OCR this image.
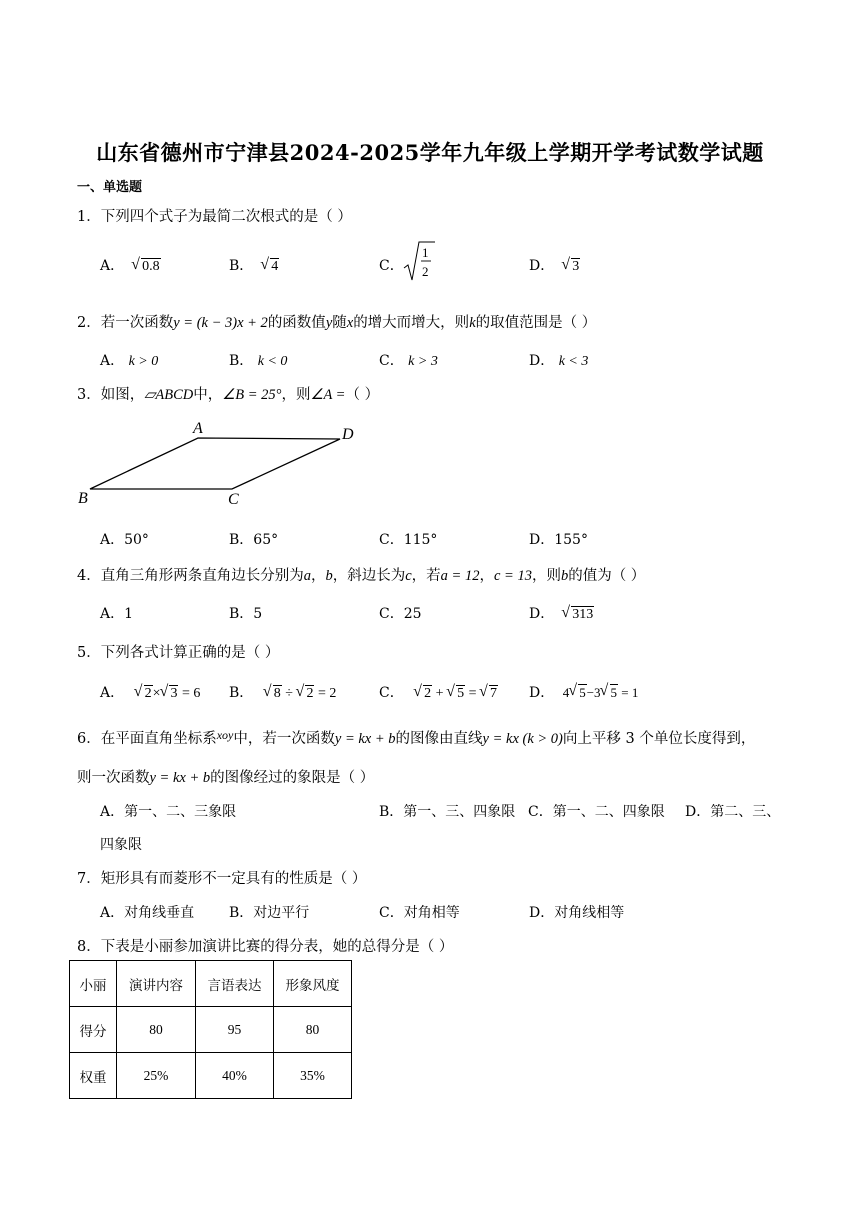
山东省德州市宁津县2024-2025学年九年级上学期开学考试数学试题
一、单选题
1．下列四个式子为最简二次根式的是（ ）
A． √ 0.8	B． √ 4	C．
1
2	D． √ 3
2．若一次函数y = (k − 3)x + 2的函数值y随x的增大而增大，则k的取值范围是（ ）
A． k > 0	B． k < 0	C． k > 3	D． k < 3
3．如图，▱ABCD中，∠B = 25°，则∠A =（ ）
A	D
B	C
A．50°	B．65°	C．115°	D．155°
4．直角三角形两条直角边长分别为a，b，斜边长为c，若a = 12，c = 13，则b的值为（ ）
A．1	B．5	C．25	D． √ 313
5．下列各式计算正确的是（ ）
A． √ 2× √ 3 = 6 B． √ 8 ÷ √ 2 = 2	C． √ 2 + √ 5 = √ 7 D． 4 √ 5−3 √ 5 = 1
6．在平面直角坐标系$^{xoy}$中，若一次函数y = kx + b的图像由直线y = kx (k > 0)向上平移 3 个单位长度得到，
则一次函数y = kx + b的图像经过的象限是（ ）
A．第一、二、三象限	B．第一、三、四象限 C．第一、二、四象限 D．第二、三、
四象限
7．矩形具有而菱形不一定具有的性质是（ ）
A．对角线垂直 B．对边平行	C．对角相等	D．对角线相等
8．下表是小丽参加演讲比赛的得分表，她的总得分是（ ）
小丽	演讲内容	言语表达	形象风度
得分	80	95	80
权重	25%	40%	35%
